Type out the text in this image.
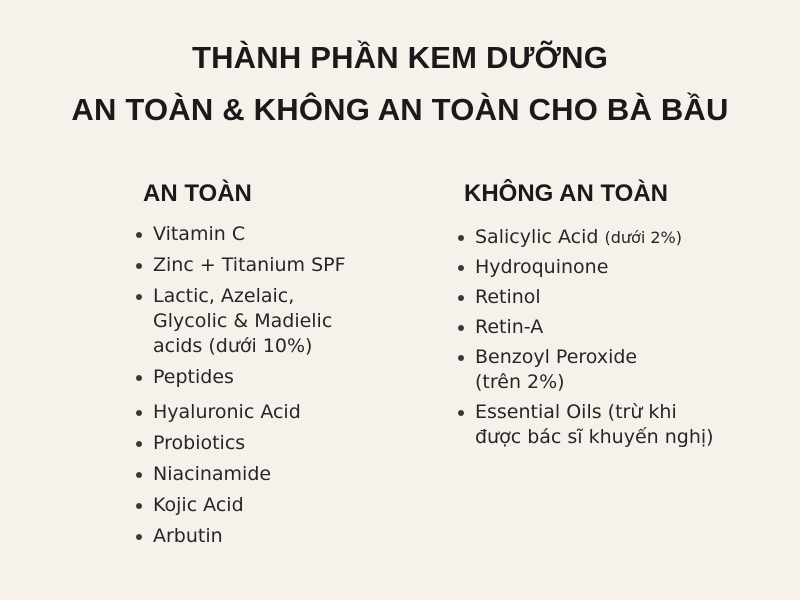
THÀNH PHẦN KEM DƯỠNG
AN TOÀN & KHÔNG AN TOÀN CHO BÀ BẦU
AN TOÀN	KHÔNG AN TOÀN
Vitamin C
Zinc + Titanium SPF
Lactic, Azelaic,
Glycolic & Madielic
acids (dưới 10%)
Peptides
Hyaluronic Acid
Probiotics
Niacinamide
Kojic Acid
Arbutin
Salicylic Acid (dưới 2%)
Hydroquinone
Retinol
Retin-A
Benzoyl Peroxide
(trên 2%)
Essential Oils (trừ khi
được bác sĩ khuyến nghị)
